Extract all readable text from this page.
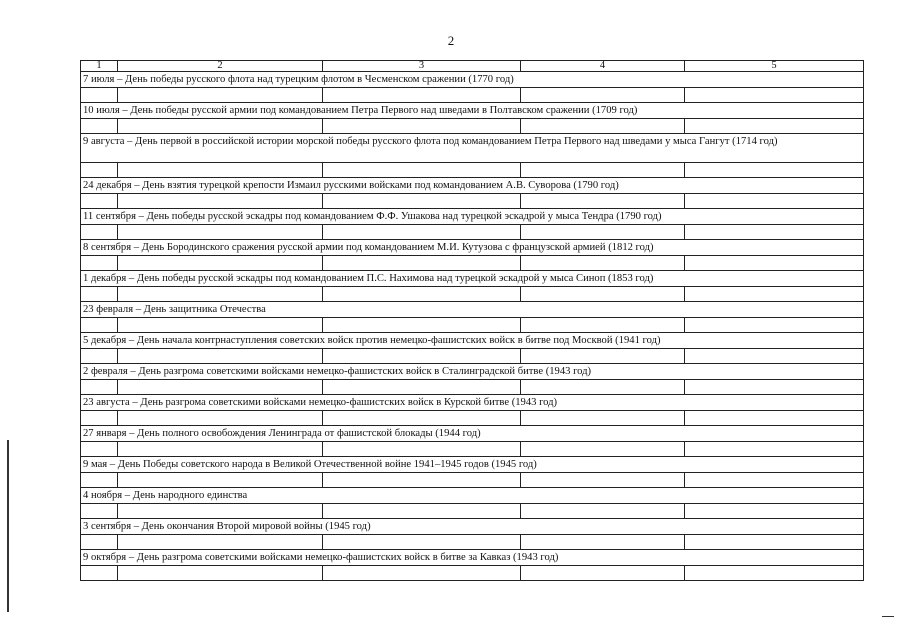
2
1	2	3	4	5
7 июля – День победы русского флота над турецким флотом в Чесменском сражении (1770 год)				

10 июля – День победы русской армии под командованием Петра Первого над шведами в Полтавском сражении (1709 год)				

9 августа – День первой в российской истории морской победы русского флота под командованием Петра Первого над шведами у мыса Гангут (1714 год)				

24 декабря – День взятия турецкой крепости Измаил русскими войсками под командованием А.В. Суворова (1790 год)				

11 сентября – День победы русской эскадры под командованием Ф.Ф. Ушакова над турецкой эскадрой у мыса Тендра (1790 год)				

8 сентября – День Бородинского сражения русской армии под командованием М.И. Кутузова с французской армией (1812 год)				

1 декабря – День победы русской эскадры под командованием П.С. Нахимова над турецкой эскадрой у мыса Синоп (1853 год)				

23 февраля – День защитника Отечества				

5 декабря – День начала контрнаступления советских войск против немецко-фашистских войск в битве под Москвой (1941 год)				

2 февраля – День разгрома советскими войсками немецко-фашистских войск в Сталинградской битве (1943 год)				

23 августа – День разгрома советскими войсками немецко-фашистских войск в Курской битве (1943 год)				

27 января – День полного освобождения Ленинграда от фашистской блокады (1944 год)				

9 мая – День Победы советского народа в Великой Отечественной войне 1941–1945 годов (1945 год)				

4 ноября – День народного единства				

3 сентября – День окончания Второй мировой войны (1945 год)				

9 октября – День разгрома советскими войсками немецко-фашистских войск в битве за Кавказ (1943 год)				
